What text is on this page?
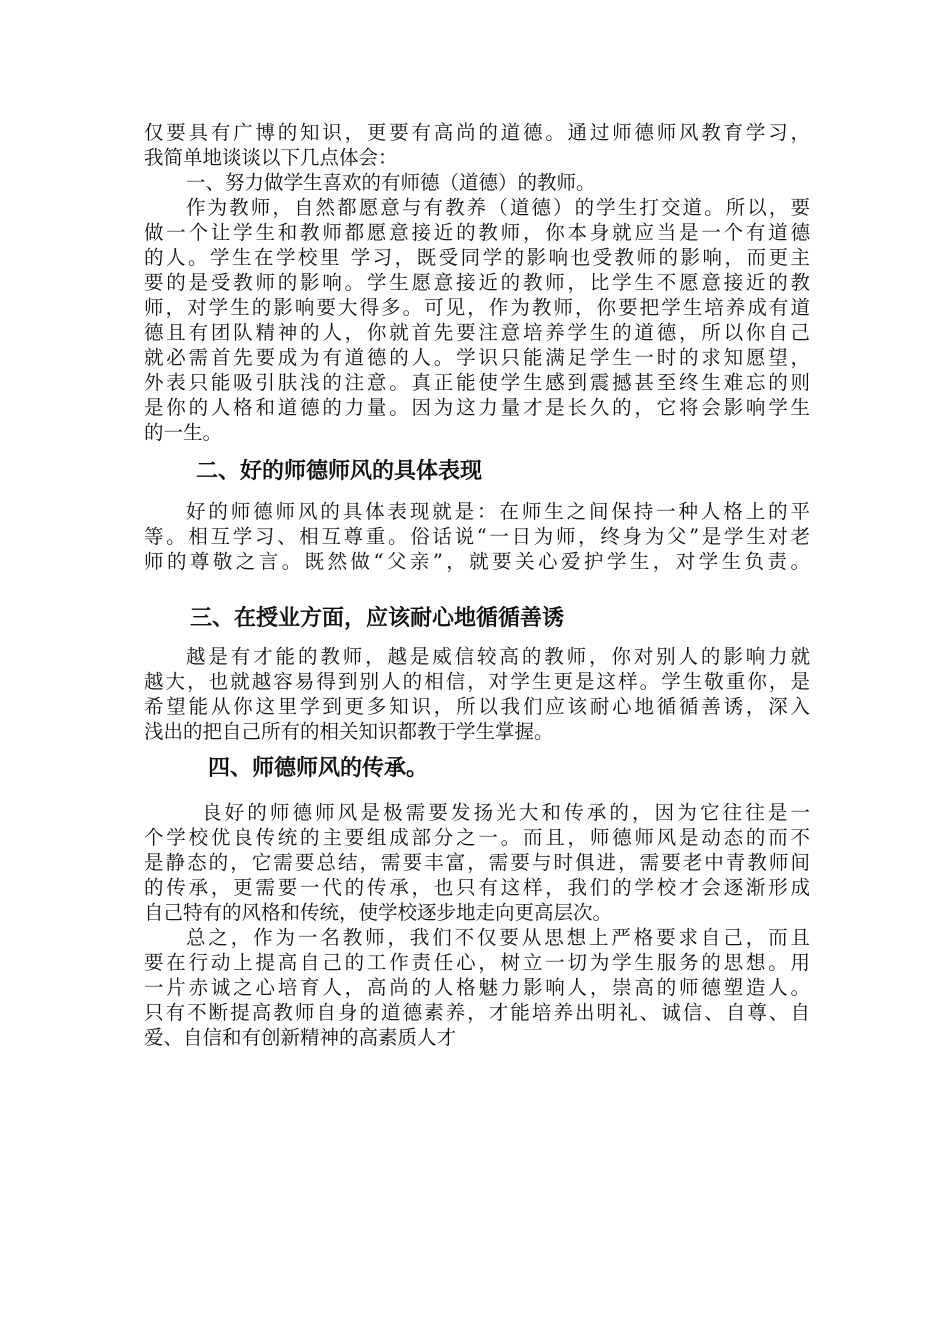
仅要具有广博的知识，更要有高尚的道德。通过师德师风教育学习，
我简单地谈谈以下几点体会：
一、努力做学生喜欢的有师德（道德）的教师。
作为教师，自然都愿意与有教养（道德）的学生打交道。所以，要
做一个让学生和教师都愿意接近的教师，你本身就应当是一个有道德
的人。学生在学校里 学习，既受同学的影响也受教师的影响，而更主
要的是受教师的影响。学生愿意接近的教师，比学生不愿意接近的教
师，对学生的影响要大得多。可见，作为教师，你要把学生培养成有道
德且有团队精神的人，你就首先要注意培养学生的道德，所以你自己
就必需首先要成为有道德的人。学识只能满足学生一时的求知愿望，
外表只能吸引肤浅的注意。真正能使学生感到震撼甚至终生难忘的则
是你的人格和道德的力量。因为这力量才是长久的，它将会影响学生
的一生。
二、好的师德师风的具体表现
好的师德师风的具体表现就是：在师生之间保持一种人格上的平
等。相互学习、相互尊重。俗话说“一日为师，终身为父”是学生对老
师的尊敬之言。既然做“父亲”，就要关心爱护学生，对学生负责。
三、在授业方面，应该耐心地循循善诱
越是有才能的教师，越是威信较高的教师，你对别人的影响力就
越大，也就越容易得到别人的相信，对学生更是这样。学生敬重你，是
希望能从你这里学到更多知识，所以我们应该耐心地循循善诱，深入
浅出的把自己所有的相关知识都教于学生掌握。
四、师德师风的传承。
良好的师德师风是极需要发扬光大和传承的，因为它往往是一
个学校优良传统的主要组成部分之一。而且，师德师风是动态的而不
是静态的，它需要总结，需要丰富，需要与时俱进，需要老中青教师间
的传承，更需要一代的传承，也只有这样，我们的学校才会逐渐形成
自己特有的风格和传统，使学校逐步地走向更高层次。
总之，作为一名教师，我们不仅要从思想上严格要求自己，而且
要在行动上提高自己的工作责任心，树立一切为学生服务的思想。用
一片赤诚之心培育人，高尚的人格魅力影响人，崇高的师德塑造人。
只有不断提高教师自身的道德素养，才能培养出明礼、诚信、自尊、自
爱、自信和有创新精神的高素质人才
